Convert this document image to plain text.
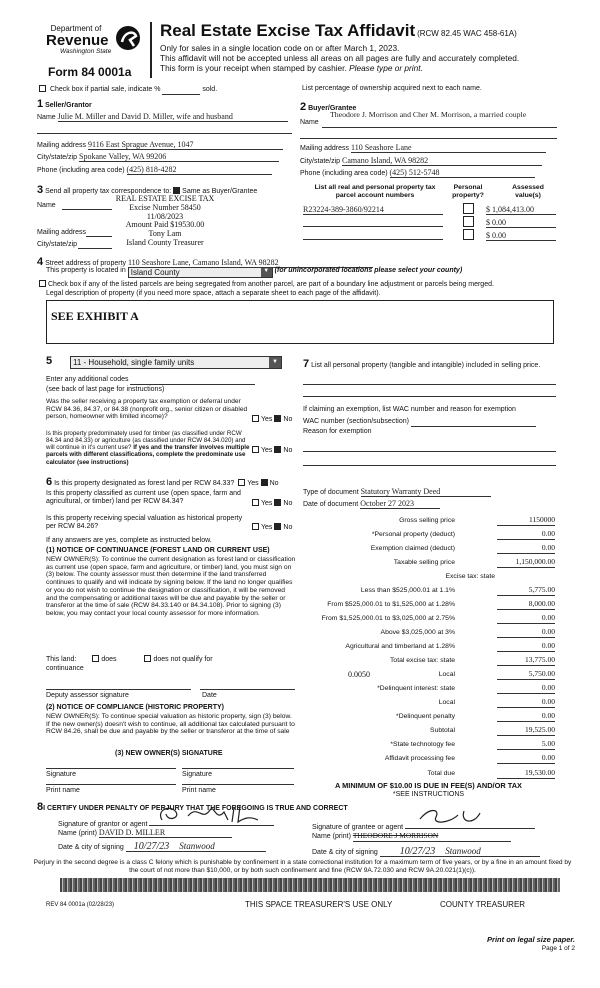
Department of
Revenue
Washington State
Form 84 0001a
Real Estate Excise Tax Affidavit (RCW 82.45 WAC 458-61A)
Only for sales in a single location code on or after March 1, 2023.
This affidavit will not be accepted unless all areas on all pages are fully and accurately completed.
This form is your receipt when stamped by cashier. Please type or print.
Check box if partial sale, indicate %	sold.	List percentage of ownership acquired next to each name.
1 Seller/Grantor
Name Julie M. Miller and David D. Miller, wife and husband
Mailing address 9116 East Sprague Avenue, 1047
City/state/zip Spokane Valley, WA 99206
Phone (including area code) (425) 818-4282
2 Buyer/Grantee
Theodore J. Morrison and Cher M. Morrison, a married couple
Name
Mailing address 110 Seashore Lane
City/state/zip Camano Island, WA 98282
Phone (including area code) (425) 512-5748
3 Send all property tax correspondence to: Same as Buyer/Grantee
REAL ESTATE EXCISE TAX
Excise Number 58450
11/08/2023
Amount Paid $19530.00
Tony Lam
Island County Treasurer
Name
Mailing address
City/state/zip
List all real and personal property tax parcel account numbers
Personal property?
Assessed value(s)
R23224-389-3860/92214	$ 1,084,413.00
$ 0.00
$ 0.00
4 Street address of property 110 Seashore Lane, Camano Island, WA 98282
This property is located in Island County	▼ (for unincorporated locations please select your county)
Check box if any of the listed parcels are being segregated from another parcel, are part of a boundary line adjustment or parcels being merged.
Legal description of property (if you need more space, attach a separate sheet to each page of the affidavit).
SEE EXHIBIT A
5	11 - Household, single family units	▼
Enter any additional codes
(see back of last page for instructions)
Was the seller receiving a property tax exemption or deferral under RCW 84.36, 84.37, or 84.38 (nonprofit org., senior citizen or disabled person, homeowner with limited income)?	Yes No
Is this property predominately used for timber (as classified under RCW 84.34 and 84.33) or agriculture (as classified under RCW 84.34.020) and will continue in it's current use? If yes and the transfer involves multiple parcels with different classifications, complete the predominate use calculator (see instructions)
Yes No
7 List all personal property (tangible and intangible) included in selling price.
If claiming an exemption, list WAC number and reason for exemption
WAC number (section/subsection)
Reason for exemption
6 Is this property designated as forest land per RCW 84.33? Yes No
Is this property classified as current use (open space, farm and agricultural, or timber) land per RCW 84.34?	Yes No
Is this property receiving special valuation as historical property per RCW 84.26?	Yes No
If any answers are yes, complete as instructed below.
(1) NOTICE OF CONTINUANCE (FOREST LAND OR CURRENT USE)
NEW OWNER(S): To continue the current designation as forest land or classification as current use (open space, farm and agriculture, or timber) land, you must sign on (3) below. The county assessor must then determine if the land transferred continues to qualify and will indicate by signing below. If the land no longer qualifies or you do not wish to continue the designation or classification, it will be removed and the compensating or additional taxes will be due and payable by the seller or transferor at the time of sale (RCW 84.33.140 or 84.34.108). Prior to signing (3) below, you may contact your local county assessor for more information.
This land:	does	does not qualify for
continuance
Deputy assessor signature	Date
(2) NOTICE OF COMPLIANCE (HISTORIC PROPERTY)
NEW OWNER(S): To continue special valuation as historic property, sign (3) below. If the new owner(s) doesn't wish to continue, all additional tax calculated pursuant to RCW 84.26, shall be due and payable by the seller or transferor at the time of sale
(3) NEW OWNER(S) SIGNATURE
Signature	Signature
Print name	Print name
Type of document Statutory Warranty Deed
Date of document October 27 2023
Gross selling price	1150000
*Personal property (deduct)	0.00
Exemption claimed (deduct)	0.00
Taxable selling price	1,150,000.00
Excise tax: state
Less than $525,000.01 at 1.1%	5,775.00
From $525,000.01 to $1,525,000 at 1.28%	8,000.00
From $1,525,000.01 to $3,025,000 at 2.75%	0.00
Above $3,025,000 at 3%	0.00
Agricultural and timberland at 1.28%	0.00
Total excise tax: state	13,775.00
Local
0.0050	5,750.00
*Delinquent interest: state	0.00
Local	0.00
*Delinquent penalty	0.00
Subtotal	19,525.00
*State technology fee	5.00
Affidavit processing fee	0.00
Total due	19,530.00
A MINIMUM OF $10.00 IS DUE IN FEE(S) AND/OR TAX
*SEE INSTRUCTIONS
8I CERTIFY UNDER PENALTY OF PERJURY THAT THE FOREGOING IS TRUE AND CORRECT
Signature of grantor or agent
Name (print) DAVID D. MILLER
Date & city of signing 10/27/23 Stanwood
Signature of grantee or agent
Name (print) THEODORE J MORRISON
Date & city of signing 10/27/23 Stanwood
Perjury in the second degree is a class C felony which is punishable by confinement in a state correctional institution for a maximum term of five years, or by a fine in an amount fixed by the court of not more than $10,000, or by both such confinement and fine (RCW 9A.72.030 and RCW 9A.20.021(1)(c)).
REV 84 0001a (02/28/23)	THIS SPACE TREASURER'S USE ONLY	COUNTY TREASURER
Print on legal size paper.
Page 1 of 2
